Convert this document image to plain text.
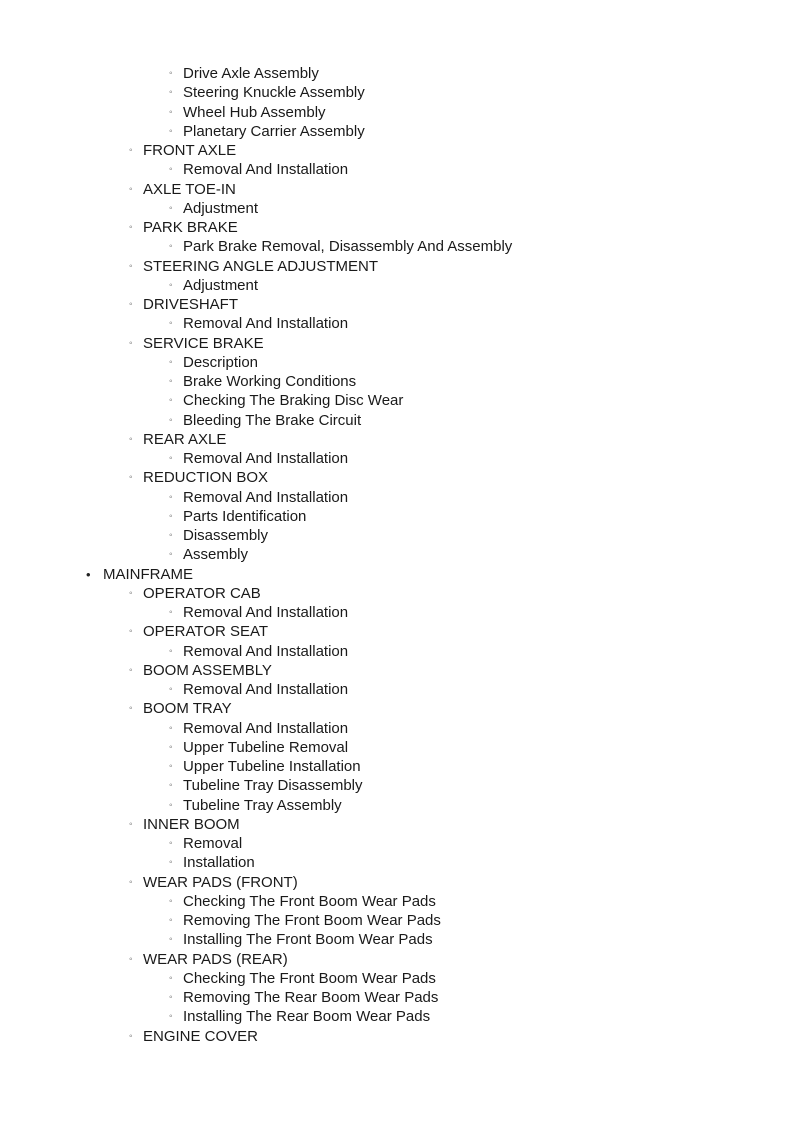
◦ Drive Axle Assembly
◦ Steering Knuckle Assembly
◦ Wheel Hub Assembly
◦ Planetary Carrier Assembly
◦ FRONT AXLE
◦ Removal And Installation
◦ AXLE TOE-IN
◦ Adjustment
◦ PARK BRAKE
◦ Park Brake Removal, Disassembly And Assembly
◦ STEERING ANGLE ADJUSTMENT
◦ Adjustment
◦ DRIVESHAFT
◦ Removal And Installation
◦ SERVICE BRAKE
◦ Description
◦ Brake Working Conditions
◦ Checking The Braking Disc Wear
◦ Bleeding The Brake Circuit
◦ REAR AXLE
◦ Removal And Installation
◦ REDUCTION BOX
◦ Removal And Installation
◦ Parts Identification
◦ Disassembly
◦ Assembly
• MAINFRAME
◦ OPERATOR CAB
◦ Removal And Installation
◦ OPERATOR SEAT
◦ Removal And Installation
◦ BOOM ASSEMBLY
◦ Removal And Installation
◦ BOOM TRAY
◦ Removal And Installation
◦ Upper Tubeline Removal
◦ Upper Tubeline Installation
◦ Tubeline Tray Disassembly
◦ Tubeline Tray Assembly
◦ INNER BOOM
◦ Removal
◦ Installation
◦ WEAR PADS (FRONT)
◦ Checking The Front Boom Wear Pads
◦ Removing The Front Boom Wear Pads
◦ Installing The Front Boom Wear Pads
◦ WEAR PADS (REAR)
◦ Checking The Front Boom Wear Pads
◦ Removing The Rear Boom Wear Pads
◦ Installing The Rear Boom Wear Pads
◦ ENGINE COVER
